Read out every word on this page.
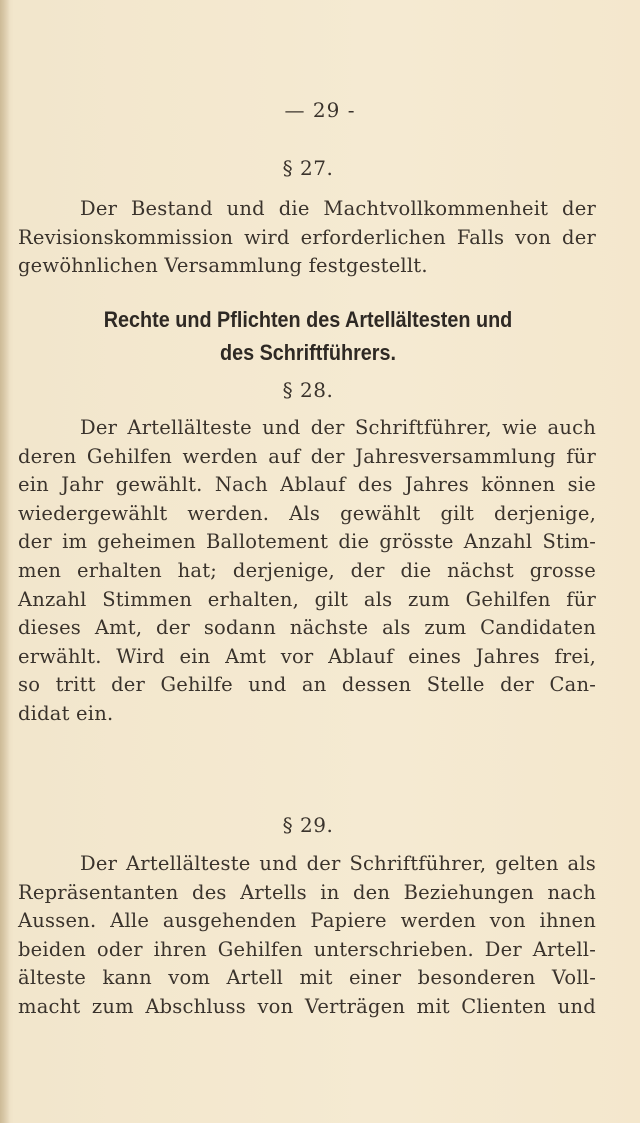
— 29 -
§ 27.
Der Bestand und die Machtvollkommenheit der
Revisionskommission wird erforderlichen Falls von der
gewöhnlichen Versammlung festgestellt.
Rechte und Pflichten des Artellältesten und
des Schriftführers.
§ 28.
Der Artellälteste und der Schriftführer, wie auch
deren Gehilfen werden auf der Jahresversammlung für
ein Jahr gewählt. Nach Ablauf des Jahres können sie
wiedergewählt werden. Als gewählt gilt derjenige,
der im geheimen Ballotement die grösste Anzahl Stim-
men erhalten hat; derjenige, der die nächst grosse
Anzahl Stimmen erhalten, gilt als zum Gehilfen für
dieses Amt, der sodann nächste als zum Candidaten
erwählt. Wird ein Amt vor Ablauf eines Jahres frei,
so tritt der Gehilfe und an dessen Stelle der Can-
didat ein.
§ 29.
Der Artellälteste und der Schriftführer, gelten als
Repräsentanten des Artells in den Beziehungen nach
Aussen. Alle ausgehenden Papiere werden von ihnen
beiden oder ihren Gehilfen unterschrieben. Der Artell-
älteste kann vom Artell mit einer besonderen Voll-
macht zum Abschluss von Verträgen mit Clienten und
